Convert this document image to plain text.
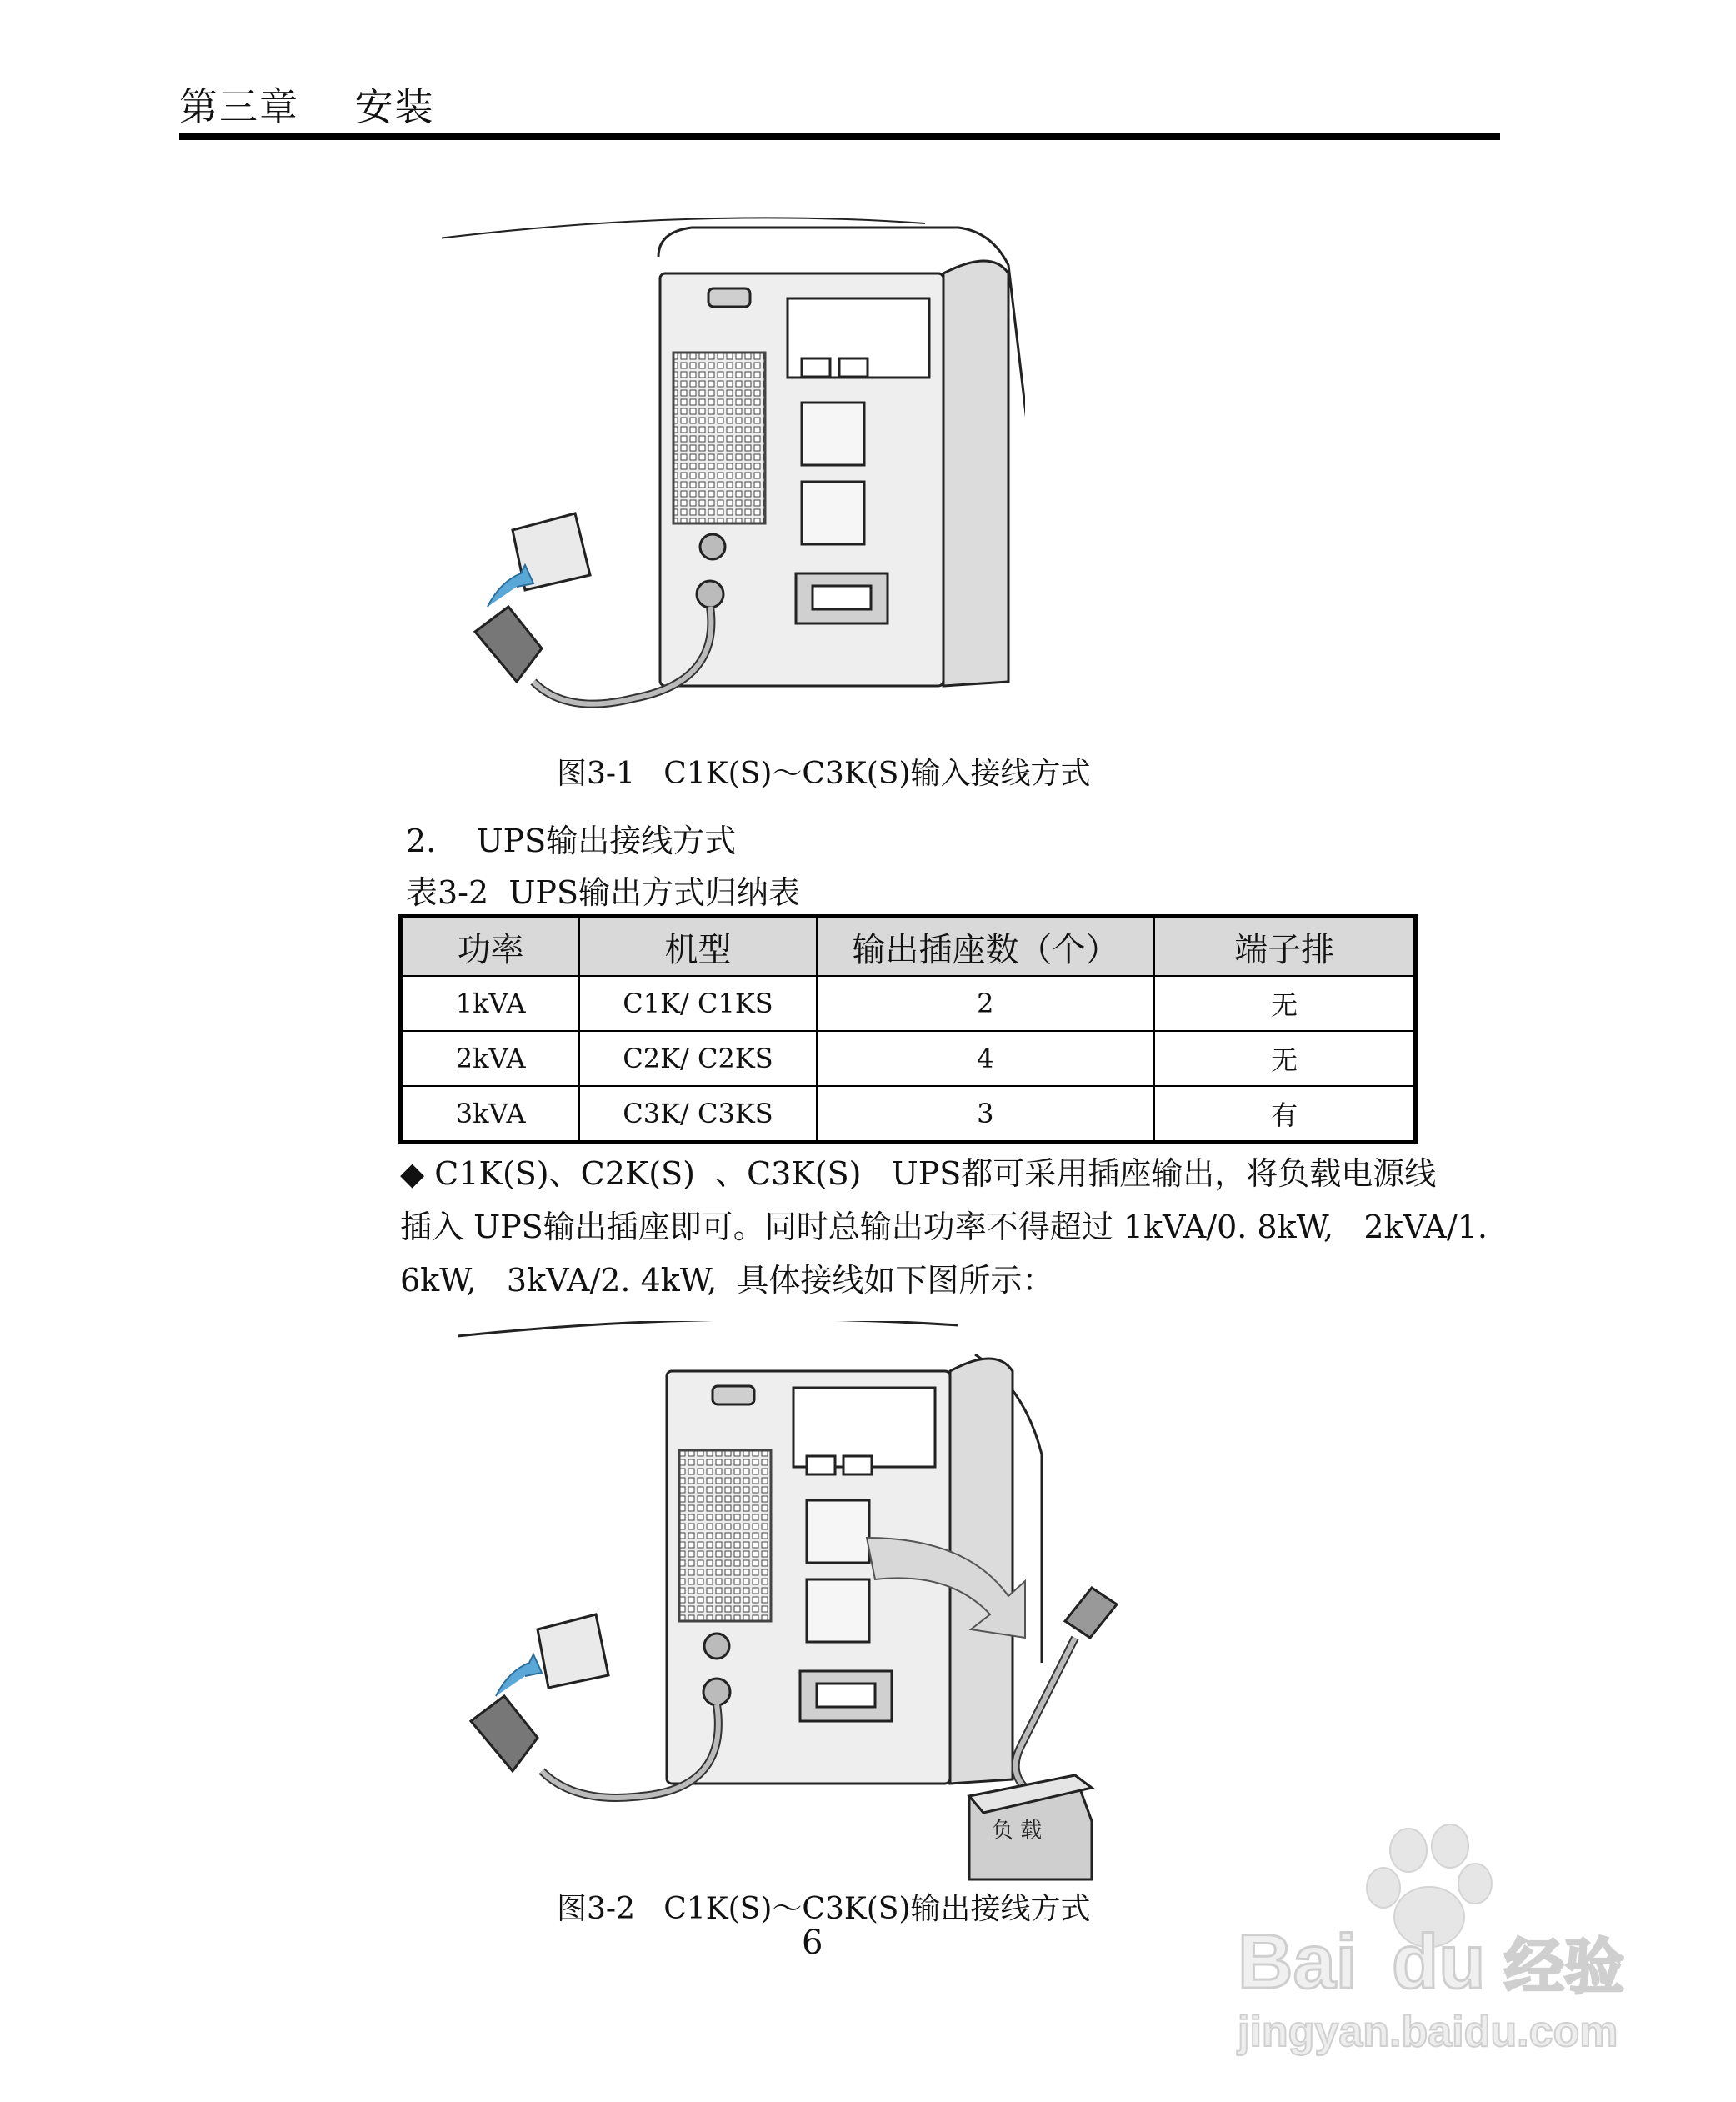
第三章    安装
图3-1   C1K(S)～C3K(S)输入接线方式
2.    UPS输出接线方式
表3-2  UPS输出方式归纳表
功率	机型	输出插座数（个）	端子排
1kVA	C1K/ C1KS	2	无
2kVA	C2K/ C2KS	4	无
3kVA	C3K/ C3KS	3	有
◆ C1K(S)、C2K(S)  、C3K(S)   UPS都可采用插座输出，将负载电源线
插入 UPS输出插座即可。同时总输出功率不得超过 1kVA/0. 8kW,   2kVA/1.
6kW,   3kVA/2. 4kW,  具体接线如下图所示：
负 载
图3-2   C1K(S)～C3K(S)输出接线方式
6	Bai du 经验
jingyan.baidu.com
